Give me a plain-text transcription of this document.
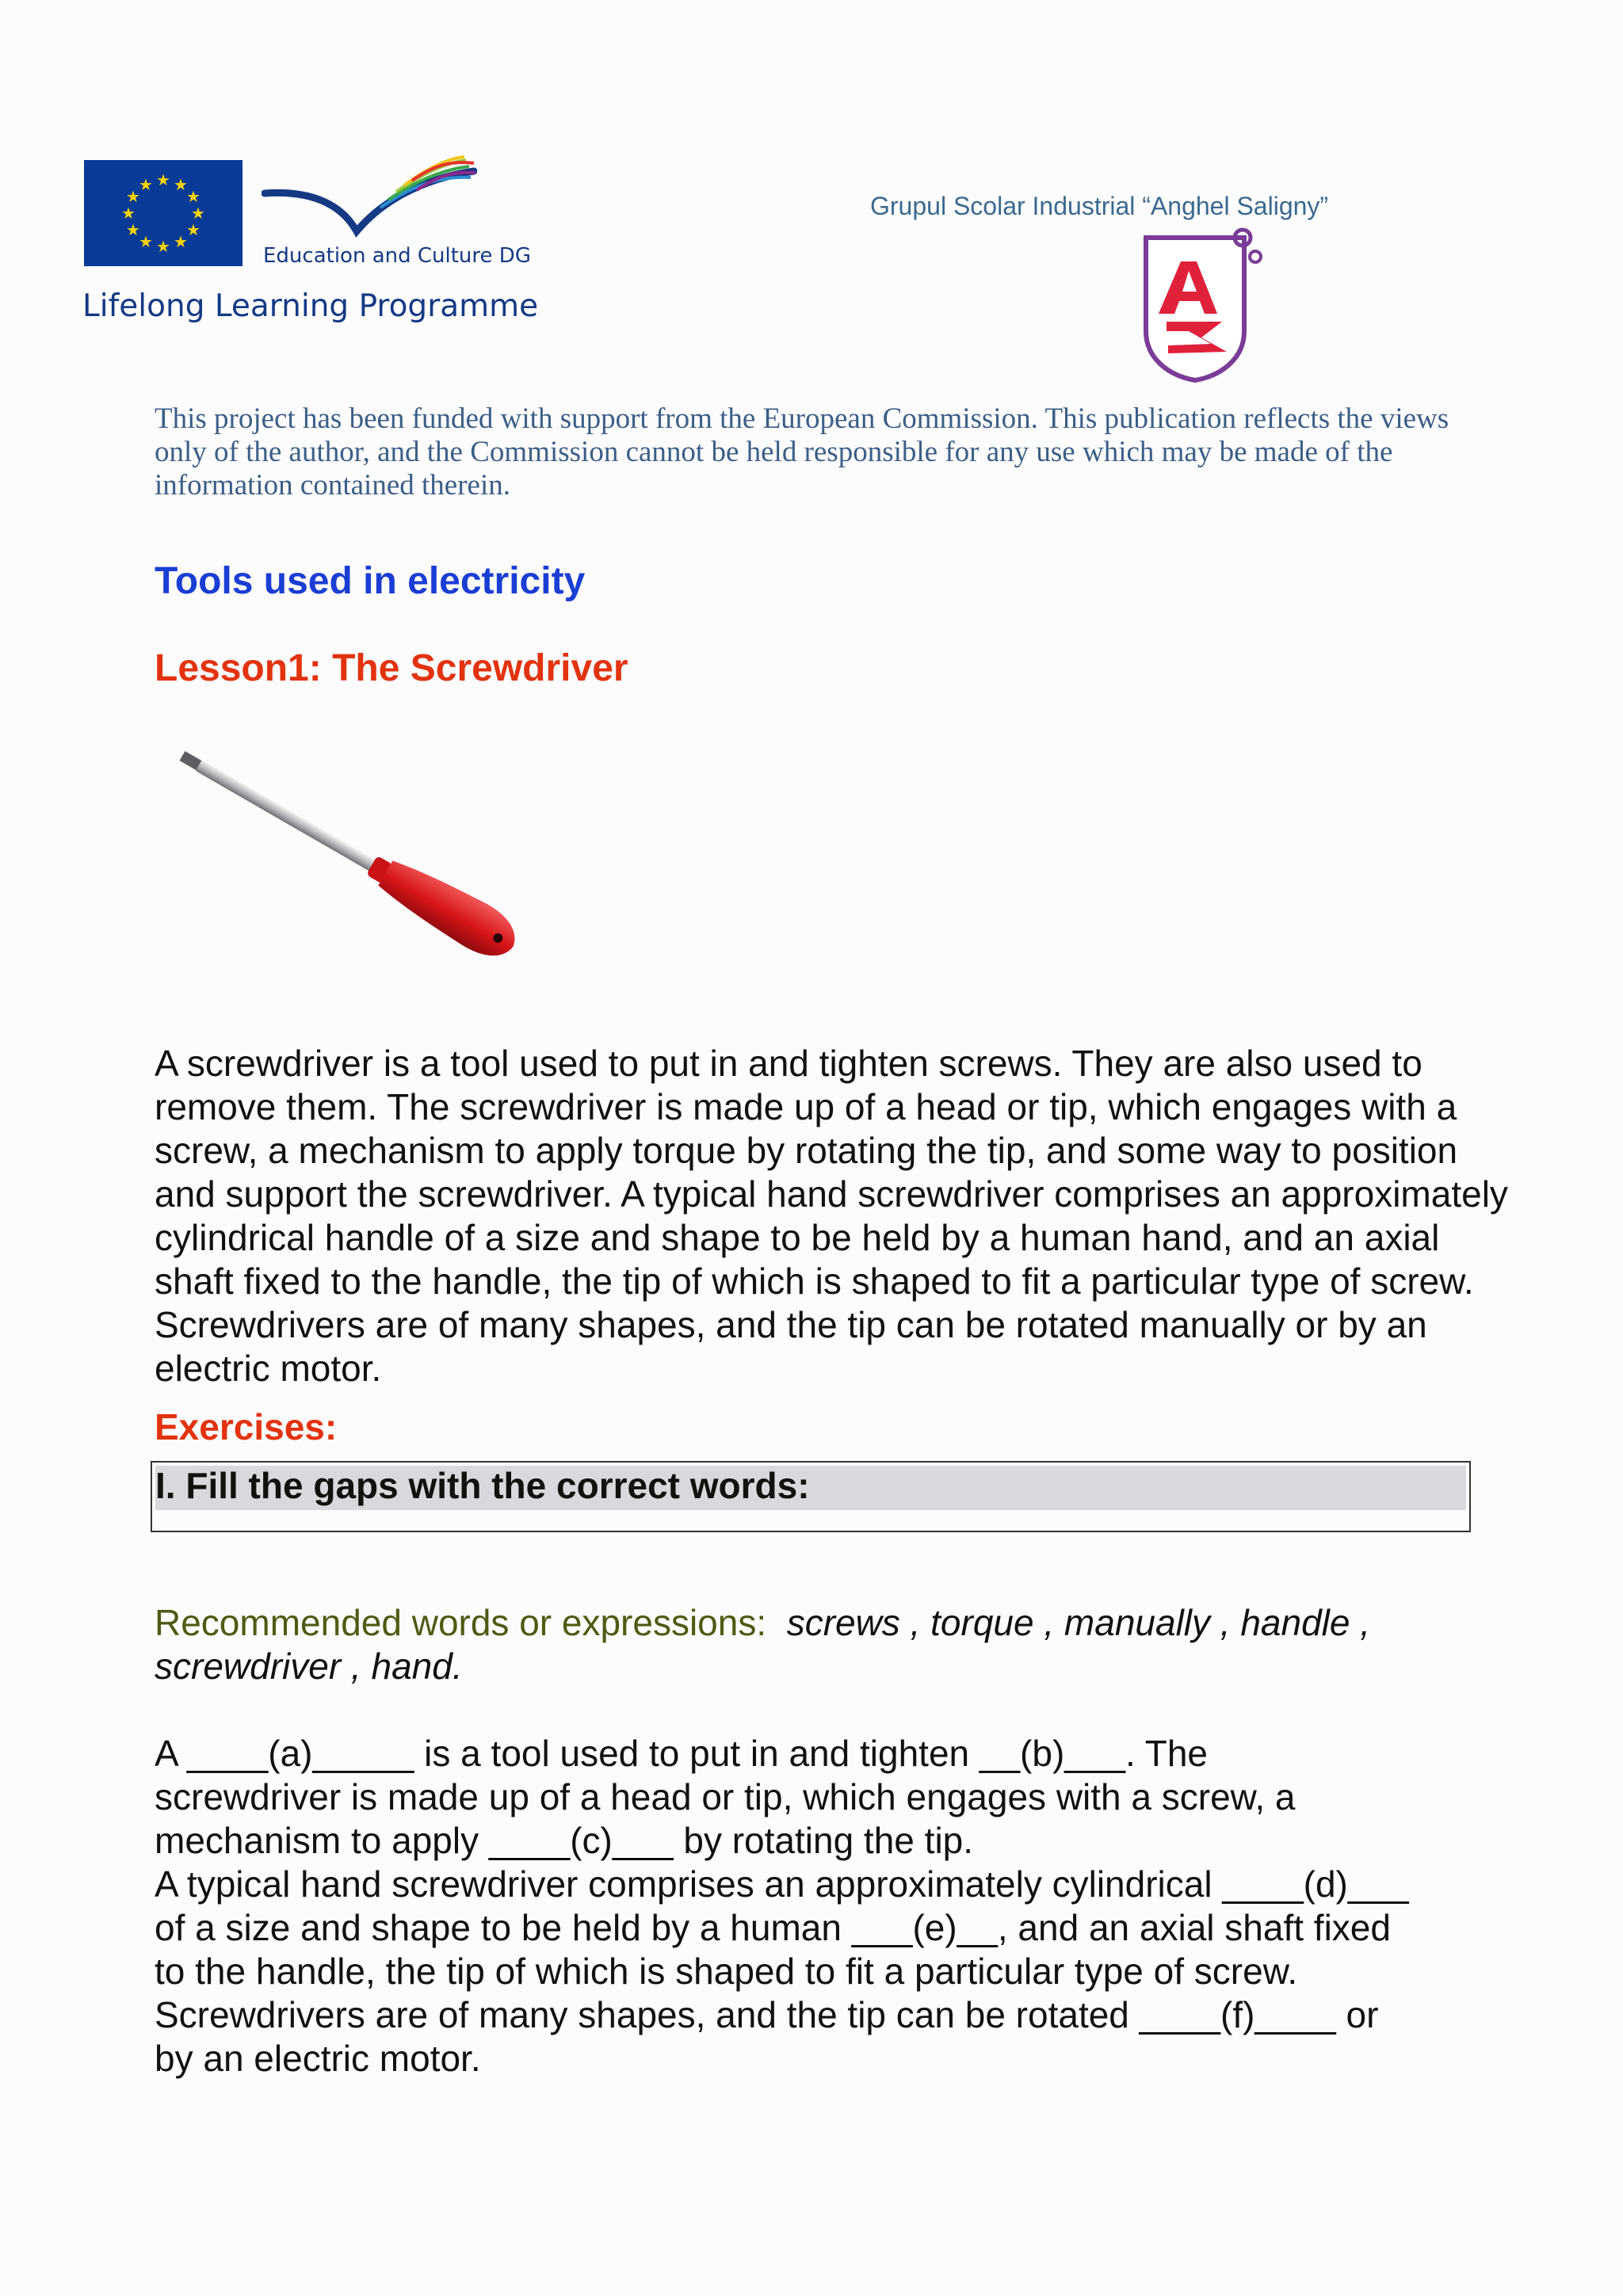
★ ★
★
★
★
★
★
★
★
★
★
★
Education and Culture DG
Lifelong Learning Programme
Grupul Scolar Industrial “Anghel Saligny”
This project has been funded with support from the European Commission. This publication reflects the views only of the author, and the Commission cannot be held responsible for any use which may be made of the information contained therein.
Tools used in electricity
Lesson1: The Screwdriver
A screwdriver is a tool used to put in and tighten screws. They are also used to remove them. The screwdriver is made up of a head or tip, which engages with a screw, a mechanism to apply torque by rotating the tip, and some way to position and support the screwdriver. A typical hand screwdriver comprises an approximately cylindrical handle of a size and shape to be held by a human hand, and an axial shaft fixed to the handle, the tip of which is shaped to fit a particular type of screw. Screwdrivers are of many shapes, and the tip can be rotated manually or by an electric motor.
Exercises:
I. Fill the gaps with the correct words:
Recommended words or expressions: screws , torque , manually , handle , screwdriver , hand.
A ____(a)_____ is a tool used to put in and tighten __(b)___. The
screwdriver is made up of a head or tip, which engages with a screw, a
mechanism to apply ____(c)___ by rotating the tip.
A typical hand screwdriver comprises an approximately cylindrical ____(d)___
of a size and shape to be held by a human ___(e)__, and an axial shaft fixed
to the handle, the tip of which is shaped to fit a particular type of screw.
Screwdrivers are of many shapes, and the tip can be rotated ____(f)____ or
by an electric motor.
